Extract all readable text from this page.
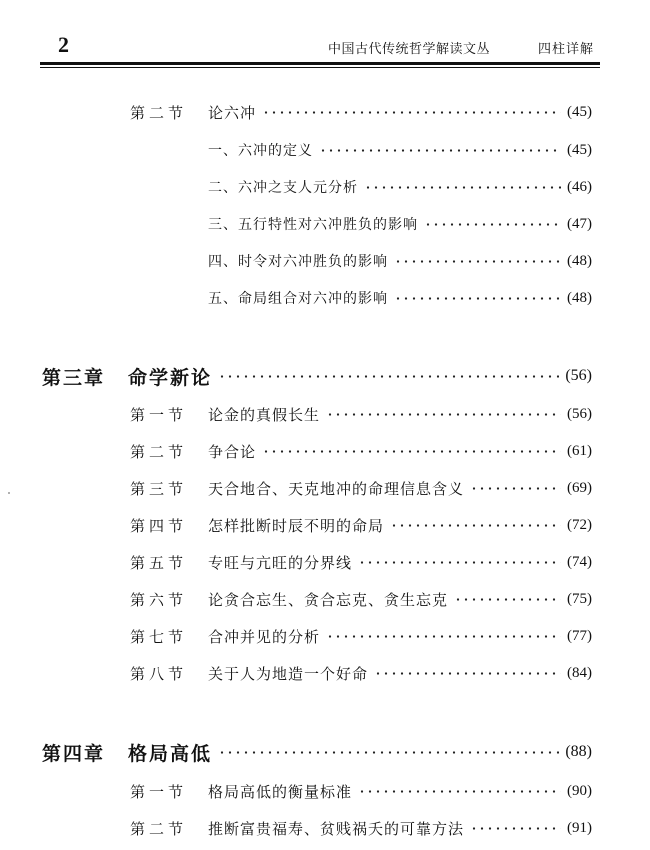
2	中国古代传统哲学解读文丛	四柱详解
第二节	论六冲	(45)
一、六冲的定义	(45)
二、六冲之支人元分析	(46)
三、五行特性对六冲胜负的影响	(47)
四、时令对六冲胜负的影响	(48)
五、命局组合对六冲的影响	(48)
第三章	命学新论	(56)
第一节	论金的真假长生	(56)
第二节	争合论	(61)
第三节	天合地合、天克地冲的命理信息含义	(69)
第四节	怎样批断时辰不明的命局	(72)
第五节	专旺与亢旺的分界线	(74)
第六节	论贪合忘生、贪合忘克、贪生忘克	(75)
第七节	合冲并见的分析	(77)
第八节	关于人为地造一个好命	(84)
第四章	格局高低	(88)
第一节	格局高低的衡量标准	(90)
第二节	推断富贵福寿、贫贱祸夭的可靠方法	(91)
